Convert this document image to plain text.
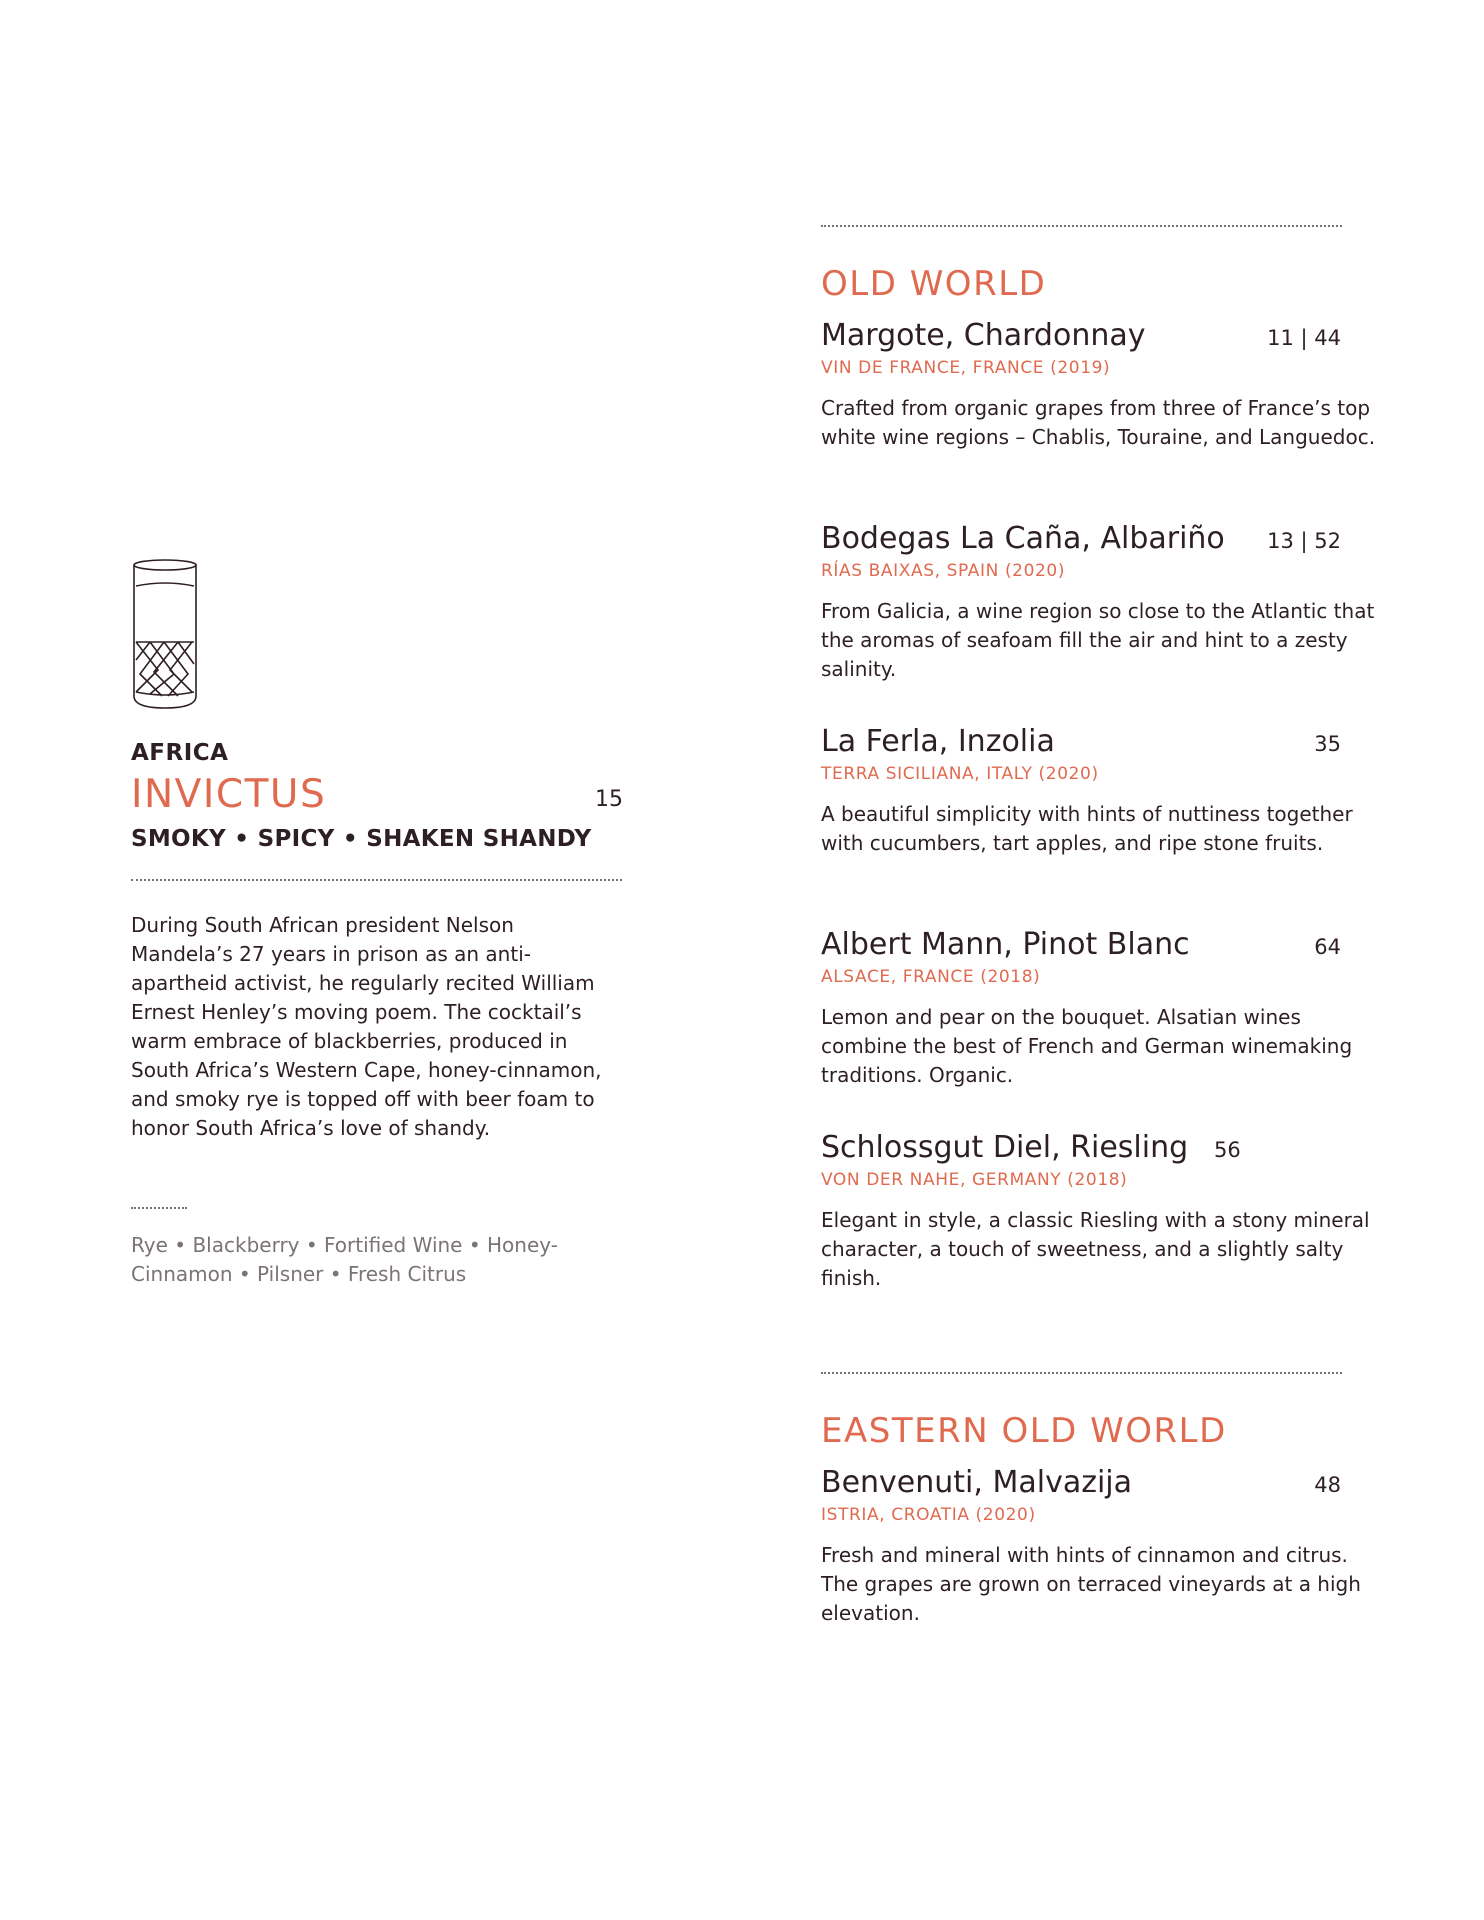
AFRICA
INVICTUS	15
SMOKY • SPICY • SHAKEN SHANDY
During South African president Nelson Mandela’s 27 years in prison as an anti-apartheid activist, he regularly recited William Ernest Henley’s moving poem. The cocktail’s warm embrace of blackberries, produced in South Africa’s Western Cape, honey-cinnamon, and smoky rye is topped off with beer foam to honor South Africa’s love of shandy.
Rye • Blackberry • Fortified Wine • Honey-Cinnamon • Pilsner • Fresh Citrus
OLD WORLD
Margote, Chardonnay	11 | 44
VIN DE FRANCE, FRANCE (2019)
Crafted from organic grapes from three of France’s top white wine regions – Chablis, Touraine, and Languedoc.
Bodegas La Caña, Albariño 13 | 52
RÍAS BAIXAS, SPAIN (2020)
From Galicia, a wine region so close to the Atlantic that the aromas of seafoam fill the air and hint to a zesty salinity.
La Ferla, Inzolia	35
TERRA SICILIANA, ITALY (2020)
A beautiful simplicity with hints of nuttiness together with cucumbers, tart apples, and ripe stone fruits.
Albert Mann, Pinot Blanc	64
ALSACE, FRANCE (2018)
Lemon and pear on the bouquet. Alsatian wines combine the best of French and German winemaking traditions. Organic.
Schlossgut Diel, Riesling 56
VON DER NAHE, GERMANY (2018)
Elegant in style, a classic Riesling with a stony mineral character, a touch of sweetness, and a slightly salty finish.
EASTERN OLD WORLD
Benvenuti, Malvazija	48
ISTRIA, CROATIA (2020)
Fresh and mineral with hints of cinnamon and citrus. The grapes are grown on terraced vineyards at a high elevation.
